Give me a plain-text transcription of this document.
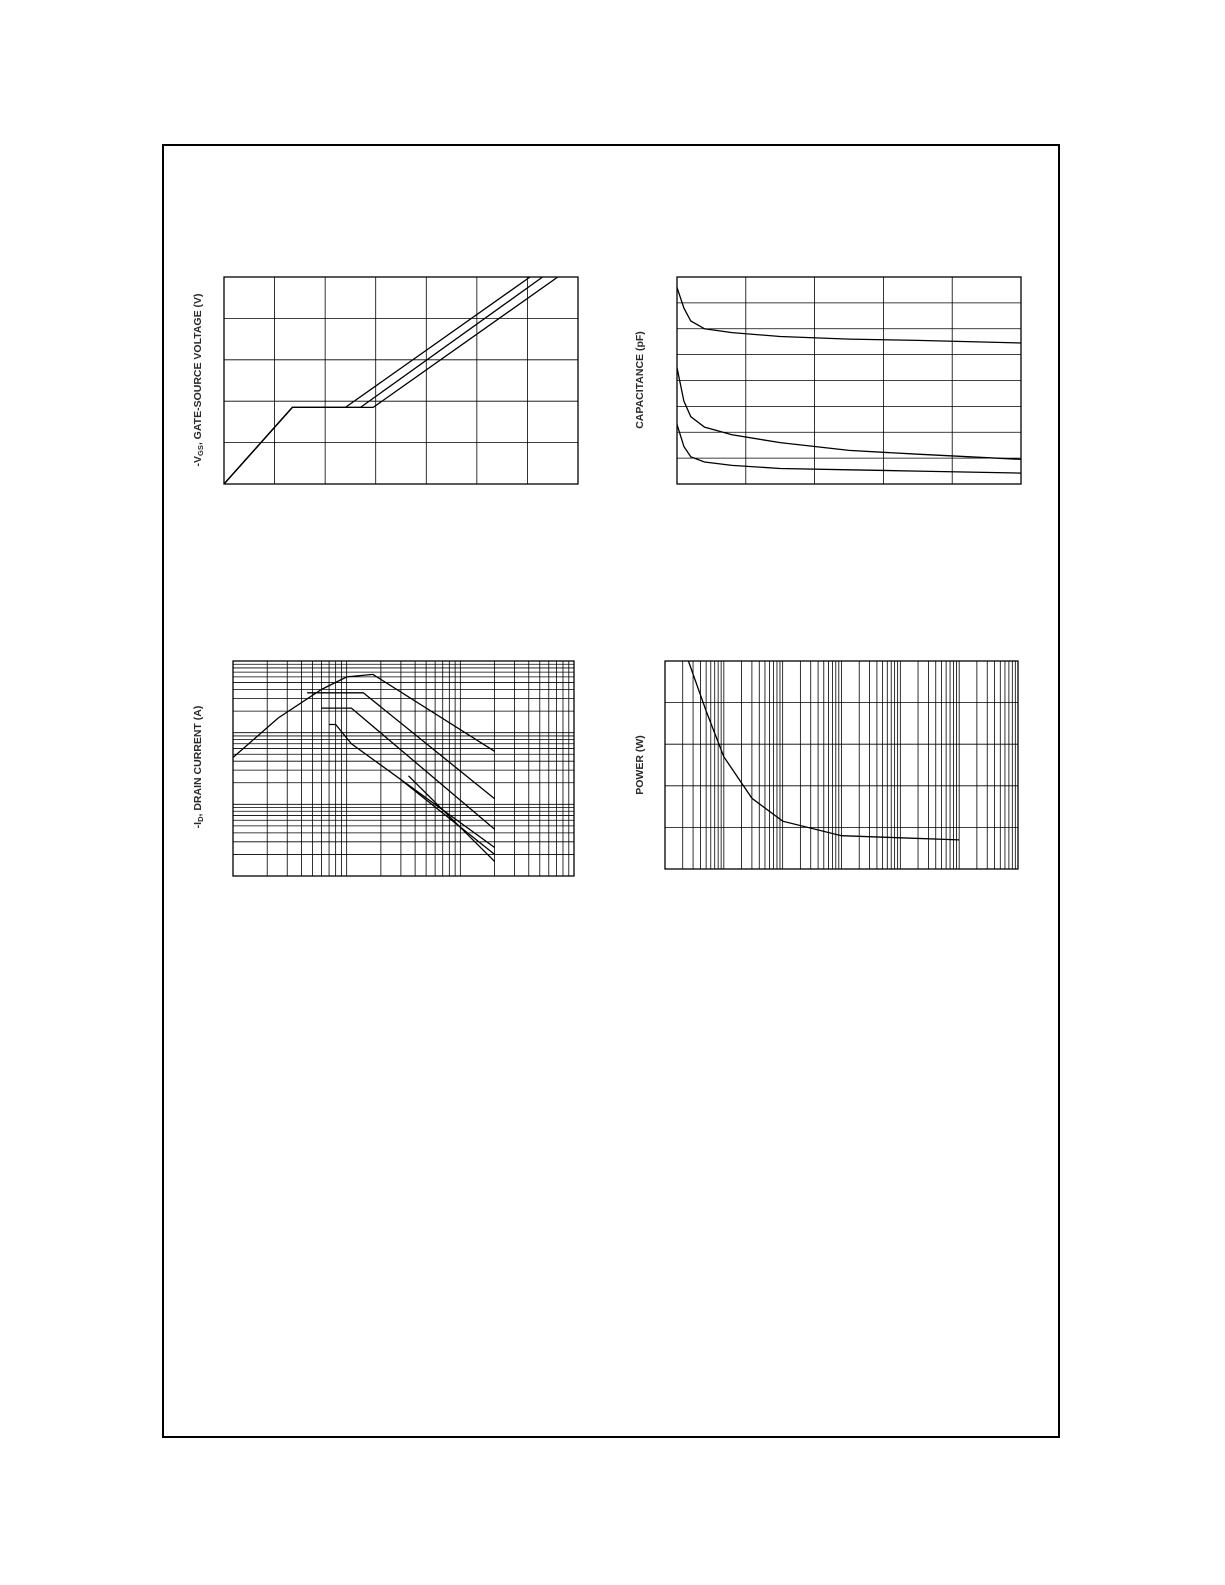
-VGS, GATE-SOURCE VOLTAGE (V)	CAPACITANCE (pF)
-ID, DRAIN CURRENT (A)	POWER (W)
